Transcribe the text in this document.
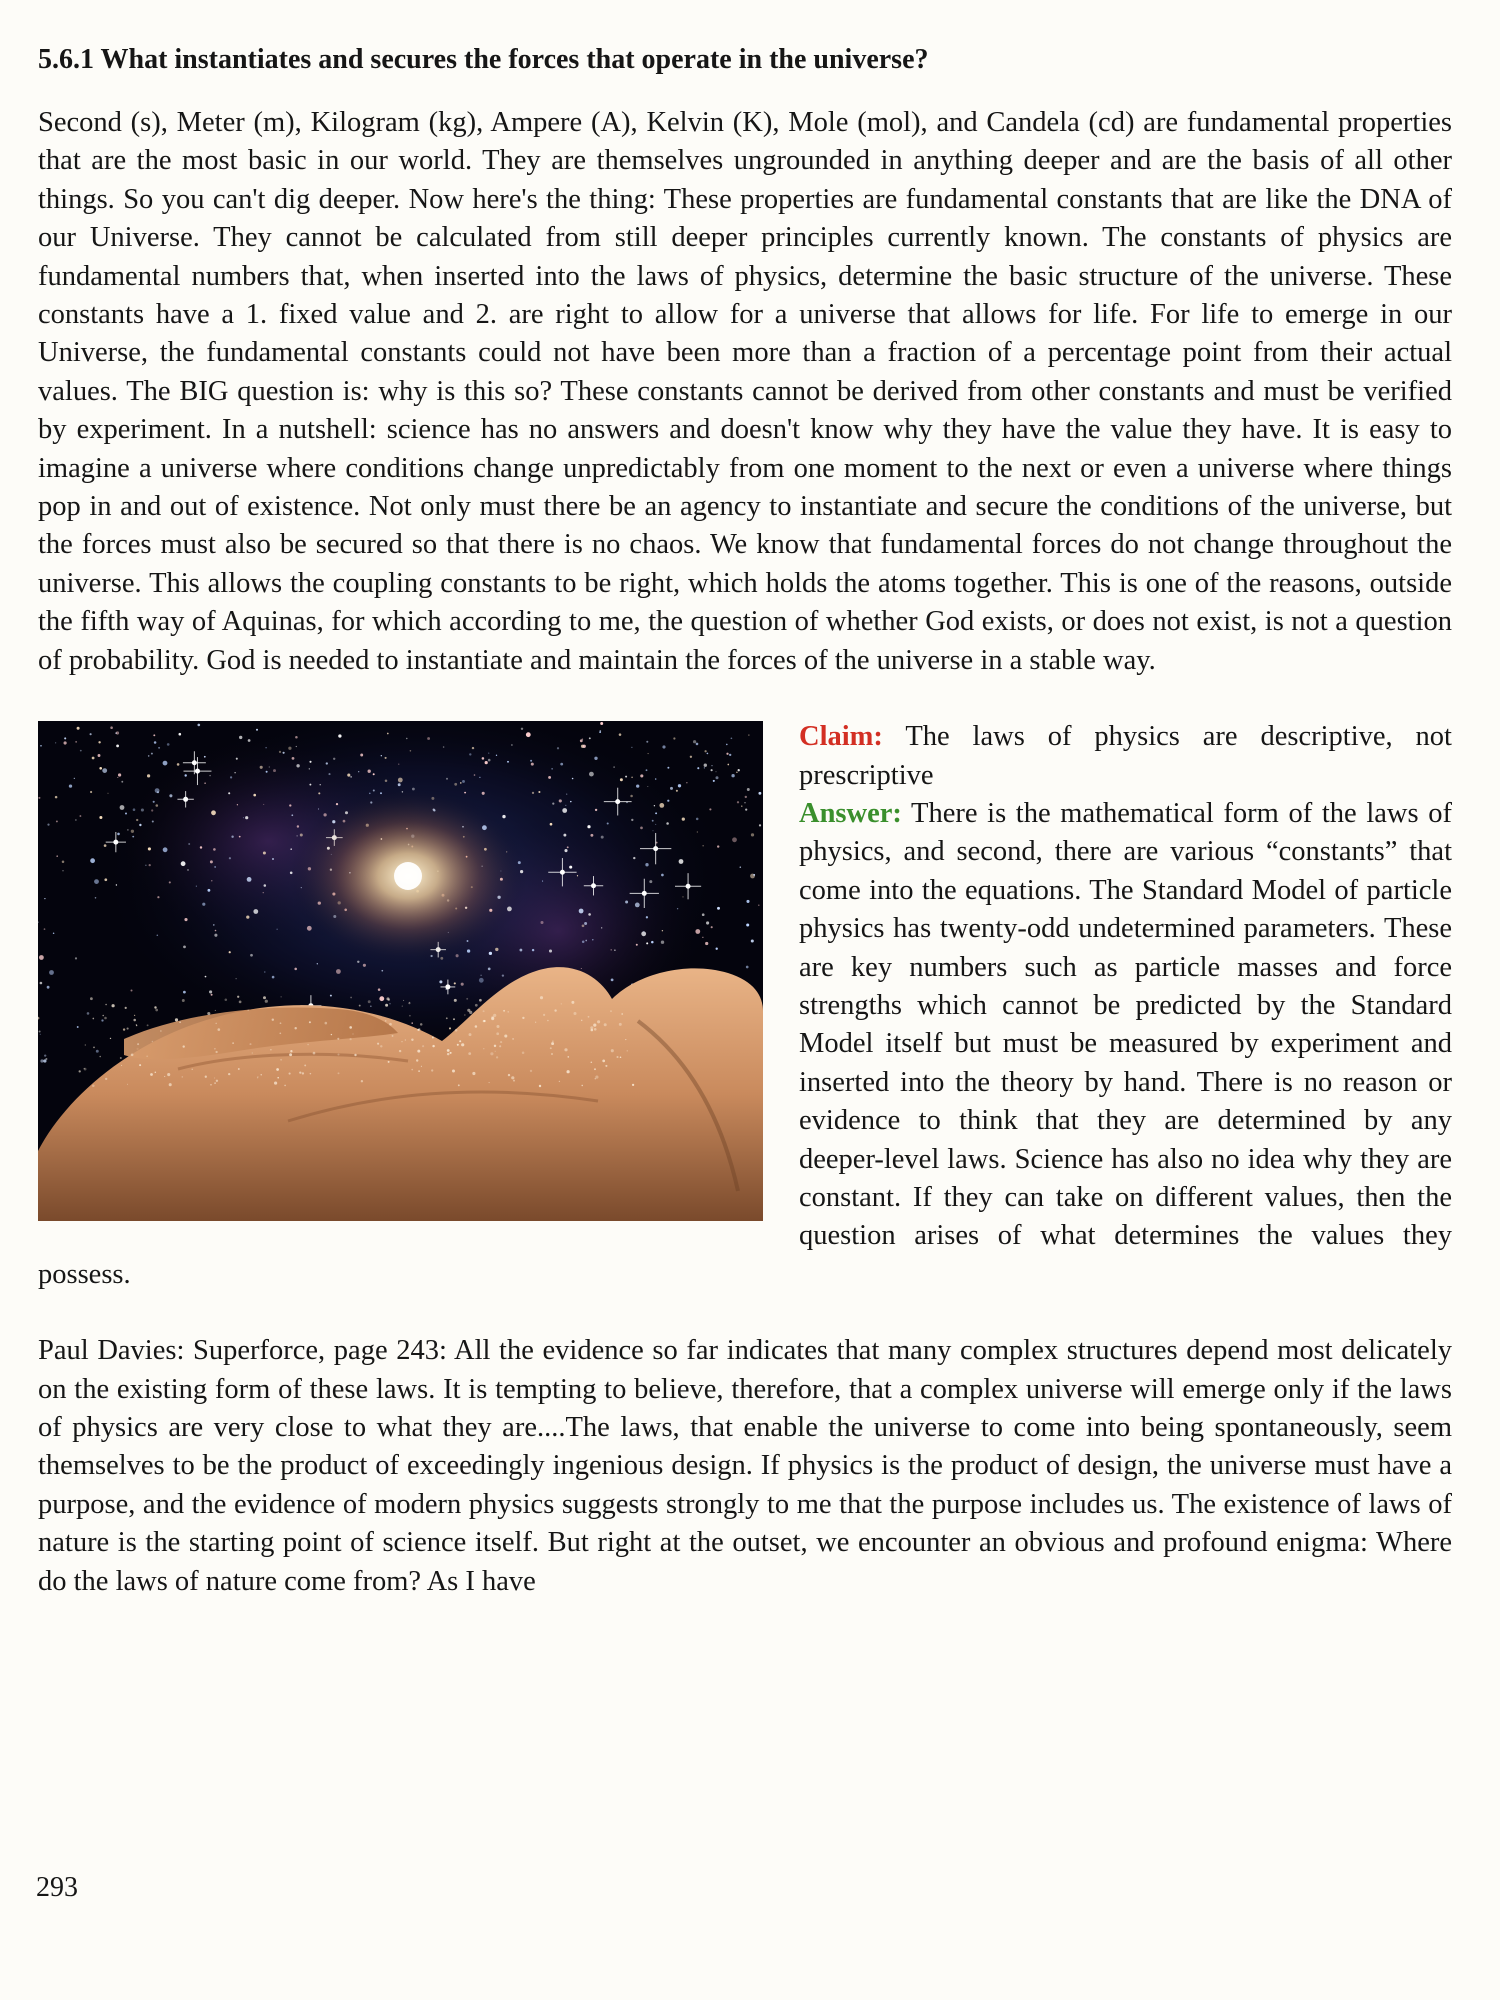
5.6.1 What instantiates and secures the forces that operate in the universe?

Second (s), Meter (m), Kilogram (kg), Ampere (A), Kelvin (K), Mole (mol), and Candela (cd) are fundamental properties that are the most basic in our world. They are themselves ungrounded in anything deeper and are the basis of all other things. So you can't dig deeper. Now here's the thing: These properties are fundamental constants that are like the DNA of our Universe. They cannot be calculated from still deeper principles currently known. The constants of physics are fundamental numbers that, when inserted into the laws of physics, determine the basic structure of the universe. These constants have a 1. fixed value and 2. are right to allow for a universe that allows for life. For life to emerge in our Universe, the fundamental constants could not have been more than a fraction of a percentage point from their actual values. The BIG question is: why is this so? These constants cannot be derived from other constants and must be verified by experiment. In a nutshell: science has no answers and doesn't know why they have the value they have. It is easy to imagine a universe where conditions change unpredictably from one moment to the next or even a universe where things pop in and out of existence. Not only must there be an agency to instantiate and secure the conditions of the universe, but the forces must also be secured so that there is no chaos. We know that fundamental forces do not change throughout the universe. This allows the coupling constants to be right, which holds the atoms together. This is one of the reasons, outside the fifth way of Aquinas, for which according to me, the question of whether God exists, or does not exist, is not a question of probability. God is needed to instantiate and maintain the forces of the universe in a stable way.

Claim: The laws of physics are descriptive, not prescriptive

Answer: There is the mathematical form of the laws of physics, and second, there are various “constants” that come into the equations. The Standard Model of particle physics has twenty-odd undetermined parameters. These are key numbers such as particle masses and force strengths which cannot be predicted by the Standard Model itself but must be measured by experiment and inserted into the theory by hand. There is no reason or evidence to think that they are determined by any deeper-level laws. Science has also no idea why they are constant. If they can take on different values, then the question arises of what determines the values they possess.

Paul Davies: Superforce, page 243: All the evidence so far indicates that many complex structures depend most delicately on the existing form of these laws. It is tempting to believe, therefore, that a complex universe will emerge only if the laws of physics are very close to what they are....The laws, that enable the universe to come into being spontaneously, seem themselves to be the product of exceedingly ingenious design. If physics is the product of design, the universe must have a purpose, and the evidence of modern physics suggests strongly to me that the purpose includes us. The existence of laws of nature is the starting point of science itself. But right at the outset, we encounter an obvious and profound enigma: Where do the laws of nature come from? As I have

293
